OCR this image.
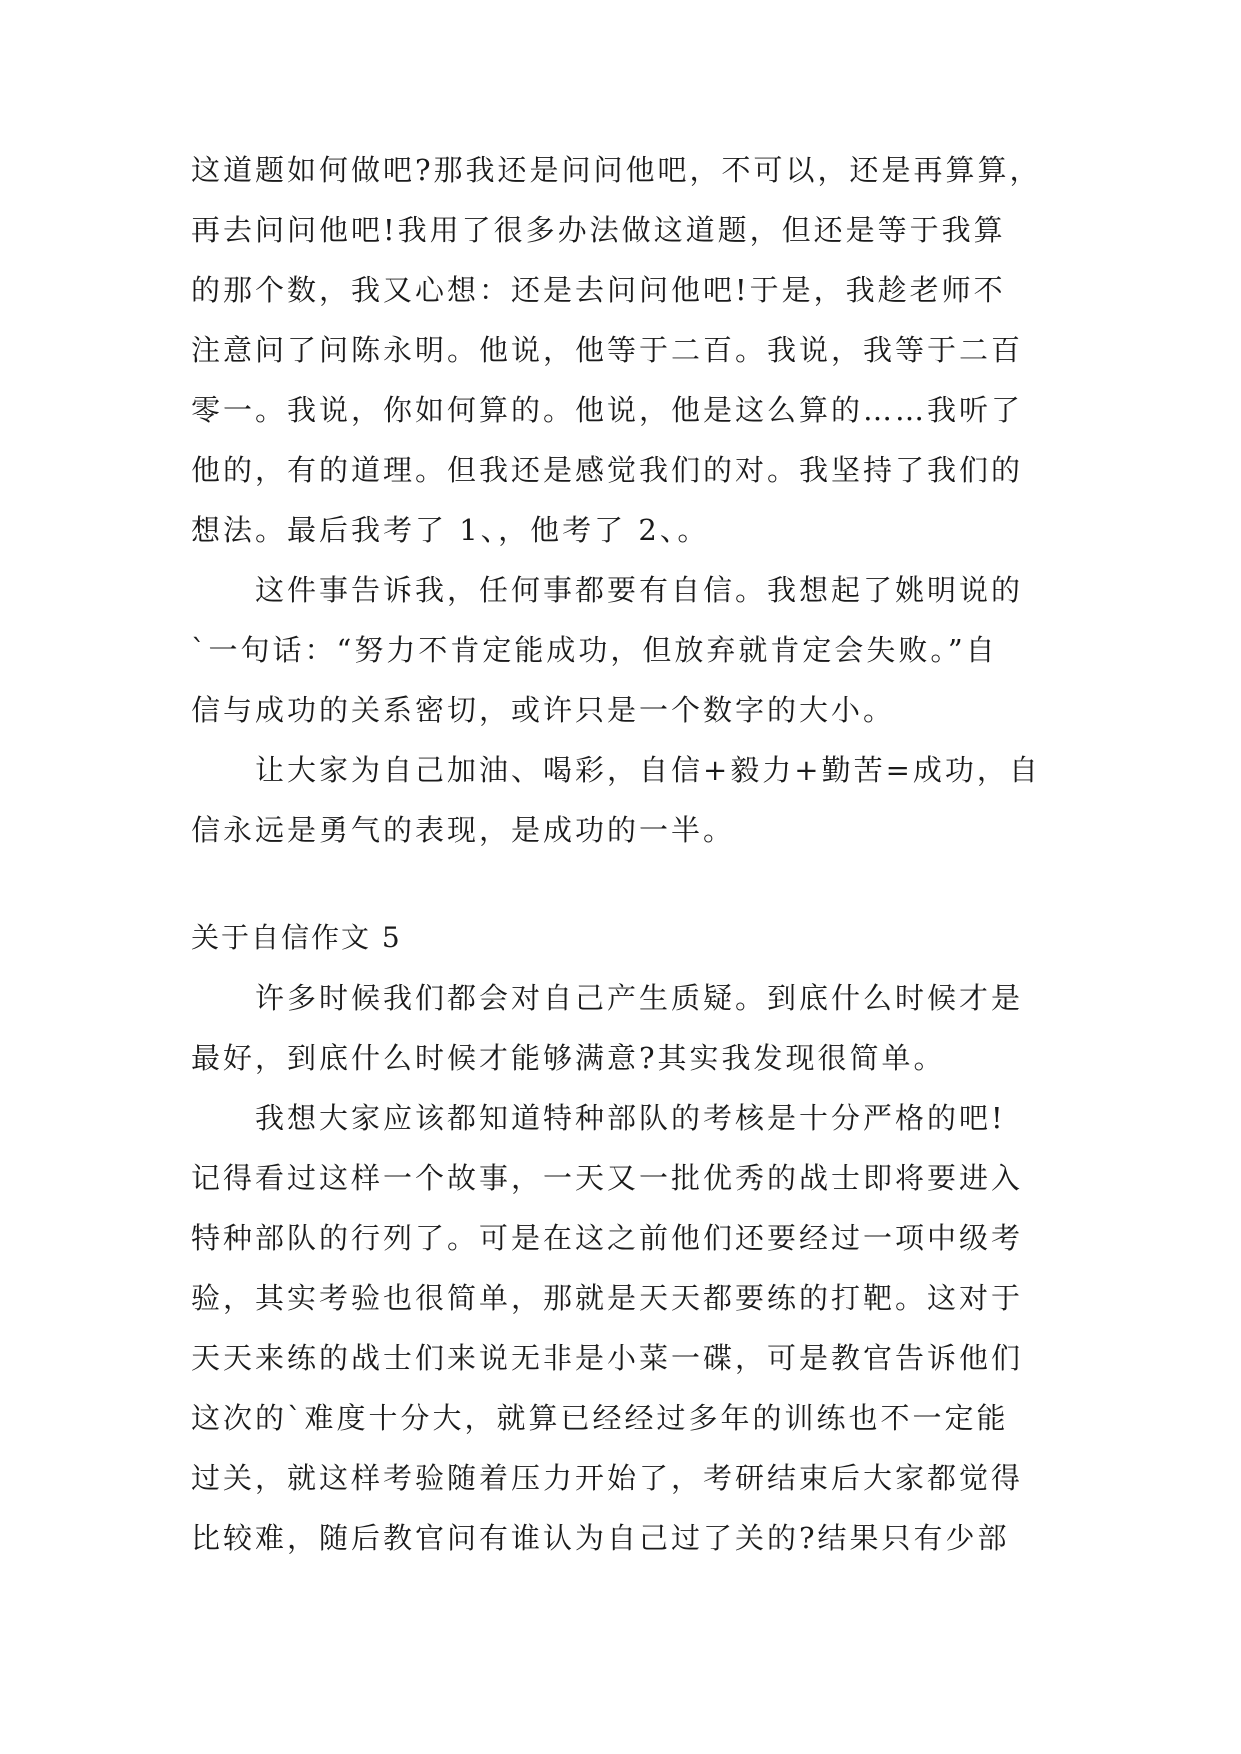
这道题如何做吧?那我还是问问他吧，不可以，还是再算算，
再去问问他吧!我用了很多办法做这道题，但还是等于我算
的那个数，我又心想：还是去问问他吧!于是，我趁老师不
注意问了问陈永明。他说，他等于二百。我说，我等于二百
零一。我说，你如何算的。他说，他是这么算的……我听了
他的，有的道理。但我还是感觉我们的对。我坚持了我们的
想法。最后我考了 1、，他考了 2、。
　　这件事告诉我，任何事都要有自信。我想起了姚明说的
`一句话：“努力不肯定能成功，但放弃就肯定会失败。”自
信与成功的关系密切，或许只是一个数字的大小。
　　让大家为自己加油、喝彩，自信+毅力+勤苦=成功，自
信永远是勇气的表现，是成功的一半。
关于自信作文 5
　　许多时候我们都会对自己产生质疑。到底什么时候才是
最好，到底什么时候才能够满意?其实我发现很简单。
　　我想大家应该都知道特种部队的考核是十分严格的吧!
记得看过这样一个故事，一天又一批优秀的战士即将要进入
特种部队的行列了。可是在这之前他们还要经过一项中级考
验，其实考验也很简单，那就是天天都要练的打靶。这对于
天天来练的战士们来说无非是小菜一碟，可是教官告诉他们
这次的`难度十分大，就算已经经过多年的训练也不一定能
过关，就这样考验随着压力开始了，考研结束后大家都觉得
比较难，随后教官问有谁认为自己过了关的?结果只有少部
